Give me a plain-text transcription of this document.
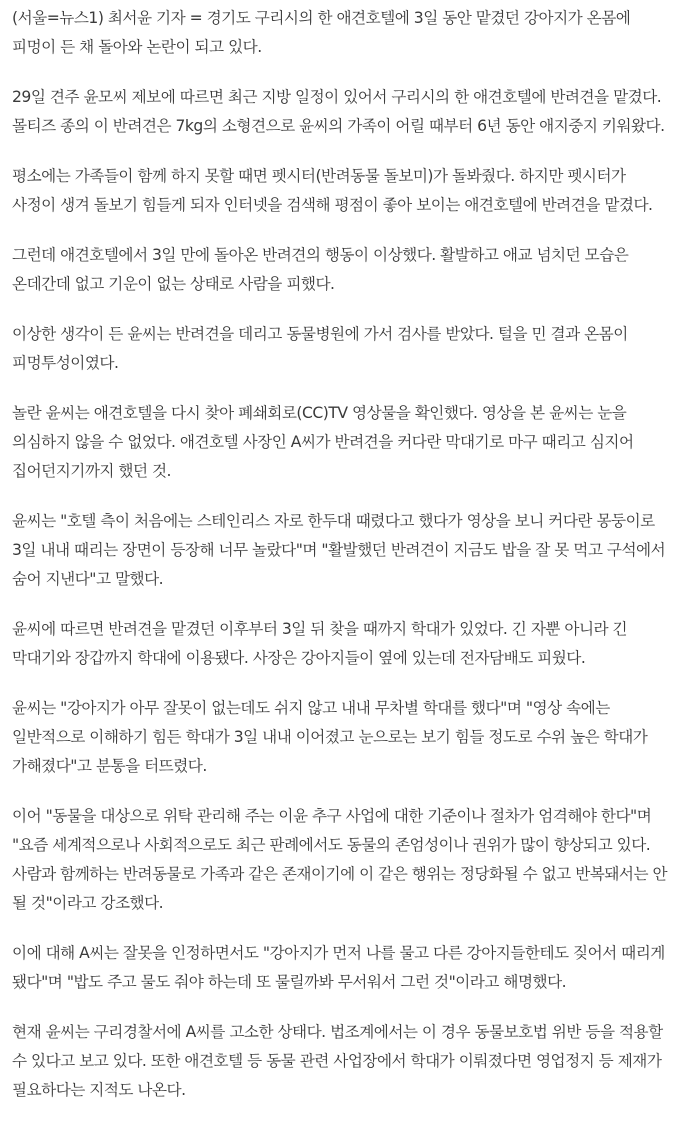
(서울=뉴스1) 최서윤 기자 = 경기도 구리시의 한 애견호텔에 3일 동안 맡겼던 강아지가 온몸에 피멍이 든 채 돌아와 논란이 되고 있다.

29일 견주 윤모씨 제보에 따르면 최근 지방 일정이 있어서 구리시의 한 애견호텔에 반려견을 맡겼다. 몰티즈 종의 이 반려견은 7kg의 소형견으로 윤씨의 가족이 어릴 때부터 6년 동안 애지중지 키워왔다.

평소에는 가족들이 함께 하지 못할 때면 펫시터(반려동물 돌보미)가 돌봐줬다. 하지만 펫시터가 사정이 생겨 돌보기 힘들게 되자 인터넷을 검색해 평점이 좋아 보이는 애견호텔에 반려견을 맡겼다.

그런데 애견호텔에서 3일 만에 돌아온 반려견의 행동이 이상했다. 활발하고 애교 넘치던 모습은 온데간데 없고 기운이 없는 상태로 사람을 피했다.

이상한 생각이 든 윤씨는 반려견을 데리고 동물병원에 가서 검사를 받았다. 털을 민 결과 온몸이 피멍투성이였다.

놀란 윤씨는 애견호텔을 다시 찾아 폐쇄회로(CC)TV 영상물을 확인했다. 영상을 본 윤씨는 눈을 의심하지 않을 수 없었다. 애견호텔 사장인 A씨가 반려견을 커다란 막대기로 마구 때리고 심지어 집어던지기까지 했던 것.

윤씨는 "호텔 측이 처음에는 스테인리스 자로 한두대 때렸다고 했다가 영상을 보니 커다란 몽둥이로 3일 내내 때리는 장면이 등장해 너무 놀랐다"며 "활발했던 반려견이 지금도 밥을 잘 못 먹고 구석에서 숨어 지낸다"고 말했다.

윤씨에 따르면 반려견을 맡겼던 이후부터 3일 뒤 찾을 때까지 학대가 있었다. 긴 자뿐 아니라 긴 막대기와 장갑까지 학대에 이용됐다. 사장은 강아지들이 옆에 있는데 전자담배도 피웠다.

윤씨는 "강아지가 아무 잘못이 없는데도 쉬지 않고 내내 무차별 학대를 했다"며 "영상 속에는 일반적으로 이해하기 힘든 학대가 3일 내내 이어졌고 눈으로는 보기 힘들 정도로 수위 높은 학대가 가해졌다"고 분통을 터뜨렸다.

이어 "동물을 대상으로 위탁 관리해 주는 이윤 추구 사업에 대한 기준이나 절차가 엄격해야 한다"며 "요즘 세계적으로나 사회적으로도 최근 판례에서도 동물의 존엄성이나 권위가 많이 향상되고 있다. 사람과 함께하는 반려동물로 가족과 같은 존재이기에 이 같은 행위는 정당화될 수 없고 반복돼서는 안 될 것"이라고 강조했다.

이에 대해 A씨는 잘못을 인정하면서도 "강아지가 먼저 나를 물고 다른 강아지들한테도 짖어서 때리게 됐다"며 "밥도 주고 물도 줘야 하는데 또 물릴까봐 무서워서 그런 것"이라고 해명했다.

현재 윤씨는 구리경찰서에 A씨를 고소한 상태다. 법조계에서는 이 경우 동물보호법 위반 등을 적용할 수 있다고 보고 있다. 또한 애견호텔 등 동물 관련 사업장에서 학대가 이뤄졌다면 영업정지 등 제재가 필요하다는 지적도 나온다.
